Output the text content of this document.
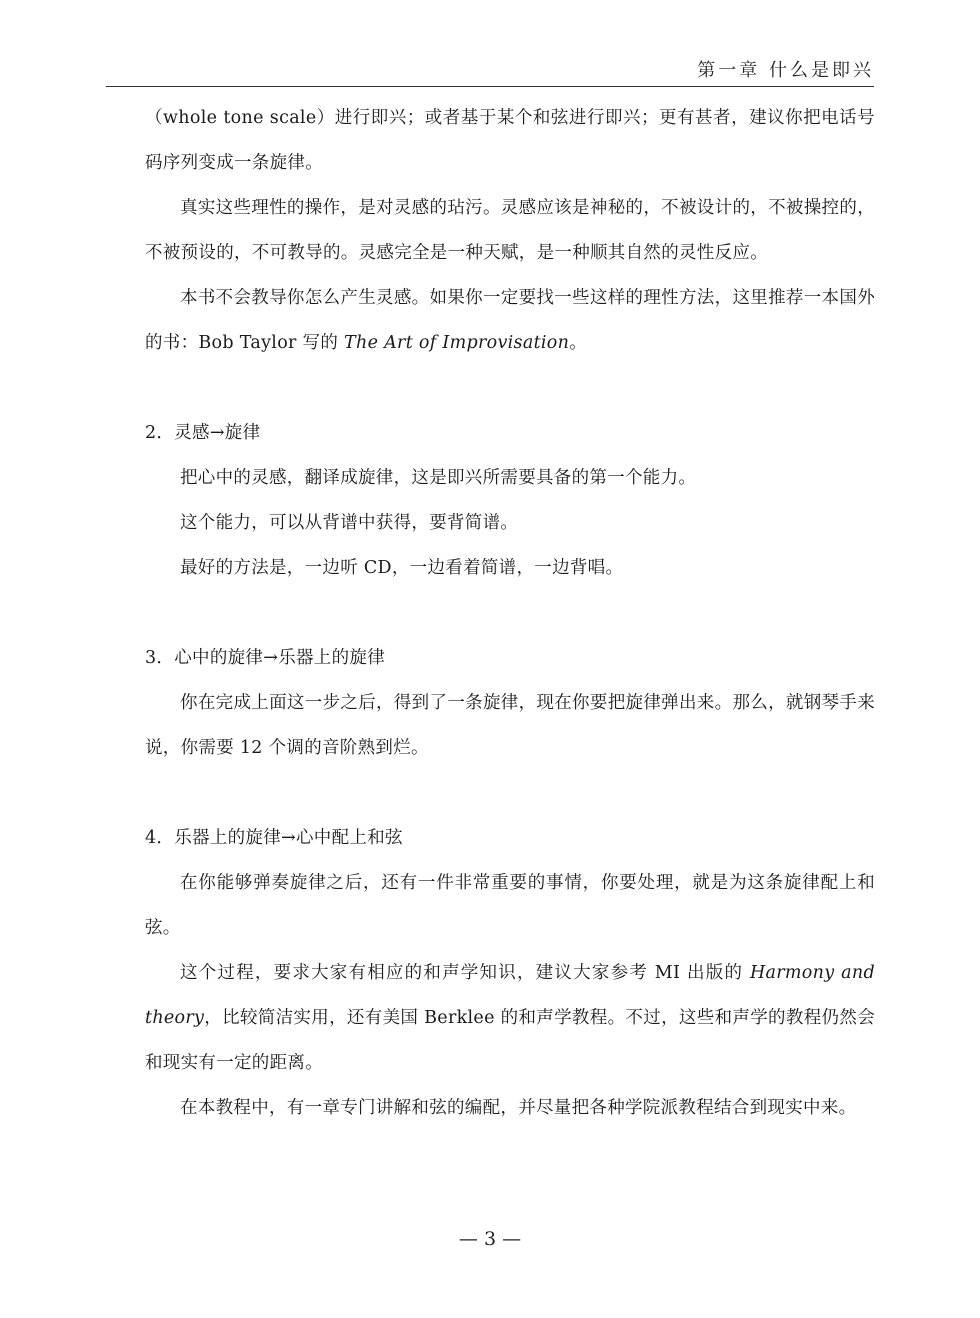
第一章 什么是即兴

（whole tone scale）进行即兴；或者基于某个和弦进行即兴；更有甚者，建议你把电话号码序列变成一条旋律。

真实这些理性的操作，是对灵感的玷污。灵感应该是神秘的，不被设计的，不被操控的，不被预设的，不可教导的。灵感完全是一种天赋，是一种顺其自然的灵性反应。

本书不会教导你怎么产生灵感。如果你一定要找一些这样的理性方法，这里推荐一本国外的书：Bob Taylor 写的 The Art of Improvisation。

2．灵感→旋律

把心中的灵感，翻译成旋律，这是即兴所需要具备的第一个能力。

这个能力，可以从背谱中获得，要背简谱。

最好的方法是，一边听 CD，一边看着简谱，一边背唱。

3．心中的旋律→乐器上的旋律

你在完成上面这一步之后，得到了一条旋律，现在你要把旋律弹出来。那么，就钢琴手来说，你需要 12 个调的音阶熟到烂。

4．乐器上的旋律→心中配上和弦

在你能够弹奏旋律之后，还有一件非常重要的事情，你要处理，就是为这条旋律配上和弦。

这个过程，要求大家有相应的和声学知识，建议大家参考 MI 出版的 Harmony and theory，比较简洁实用，还有美国 Berklee 的和声学教程。不过，这些和声学的教程仍然会和现实有一定的距离。

在本教程中，有一章专门讲解和弦的编配，并尽量把各种学院派教程结合到现实中来。

— 3 —
